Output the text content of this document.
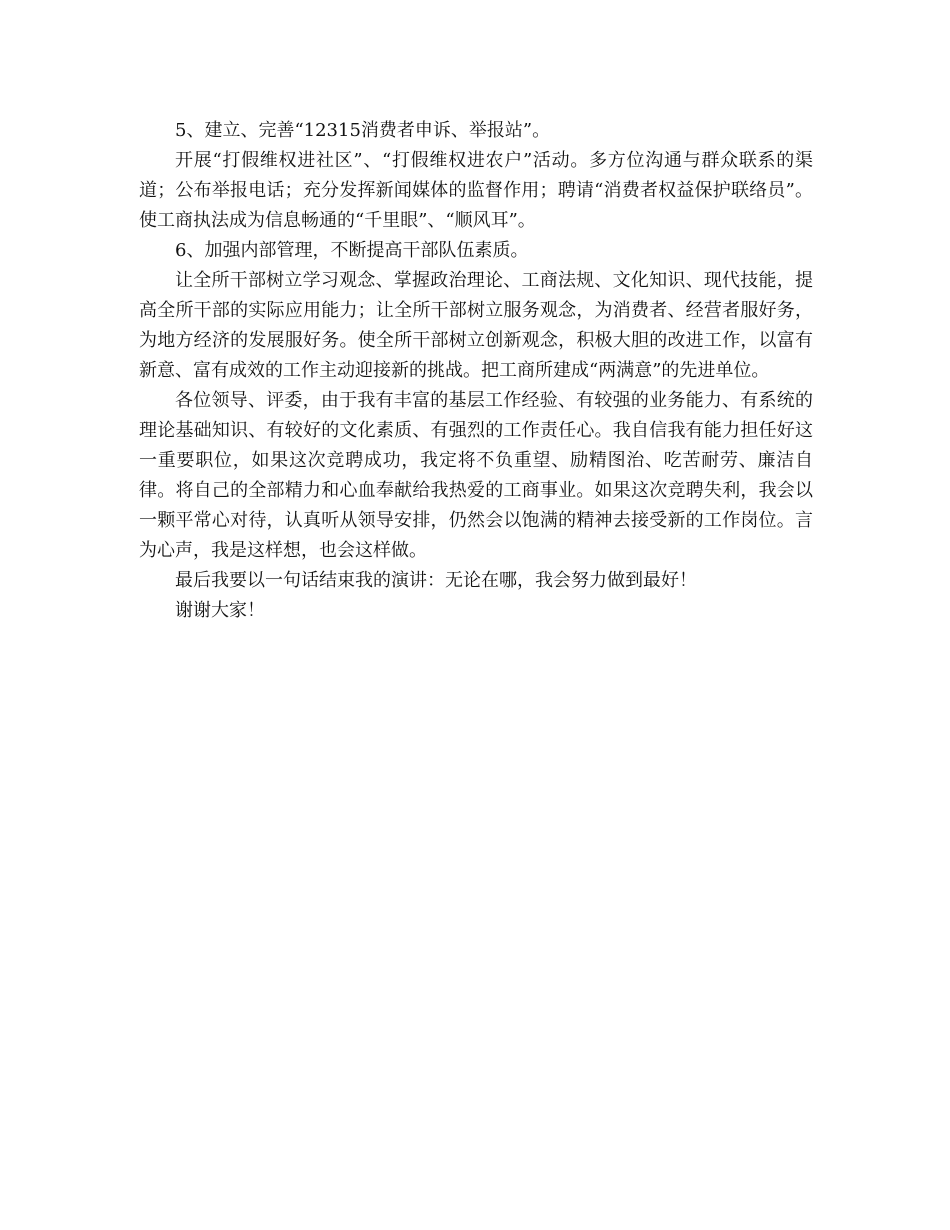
5、建立、完善“12315消费者申诉、举报站”。

开展“打假维权进社区”、“打假维权进农户”活动。多方位沟通与群众联系的渠道；公布举报电话；充分发挥新闻媒体的监督作用；聘请“消费者权益保护联络员”。使工商执法成为信息畅通的“千里眼”、“顺风耳”。

6、加强内部管理，不断提高干部队伍素质。

让全所干部树立学习观念、掌握政治理论、工商法规、文化知识、现代技能，提高全所干部的实际应用能力；让全所干部树立服务观念，为消费者、经营者服好务，为地方经济的发展服好务。使全所干部树立创新观念，积极大胆的改进工作，以富有新意、富有成效的工作主动迎接新的挑战。把工商所建成“两满意”的先进单位。

各位领导、评委，由于我有丰富的基层工作经验、有较强的业务能力、有系统的理论基础知识、有较好的文化素质、有强烈的工作责任心。我自信我有能力担任好这一重要职位，如果这次竞聘成功，我定将不负重望、励精图治、吃苦耐劳、廉洁自律。将自己的全部精力和心血奉献给我热爱的工商事业。如果这次竞聘失利，我会以一颗平常心对待，认真听从领导安排，仍然会以饱满的精神去接受新的工作岗位。言为心声，我是这样想，也会这样做。

最后我要以一句话结束我的演讲：无论在哪，我会努力做到最好！

谢谢大家！
